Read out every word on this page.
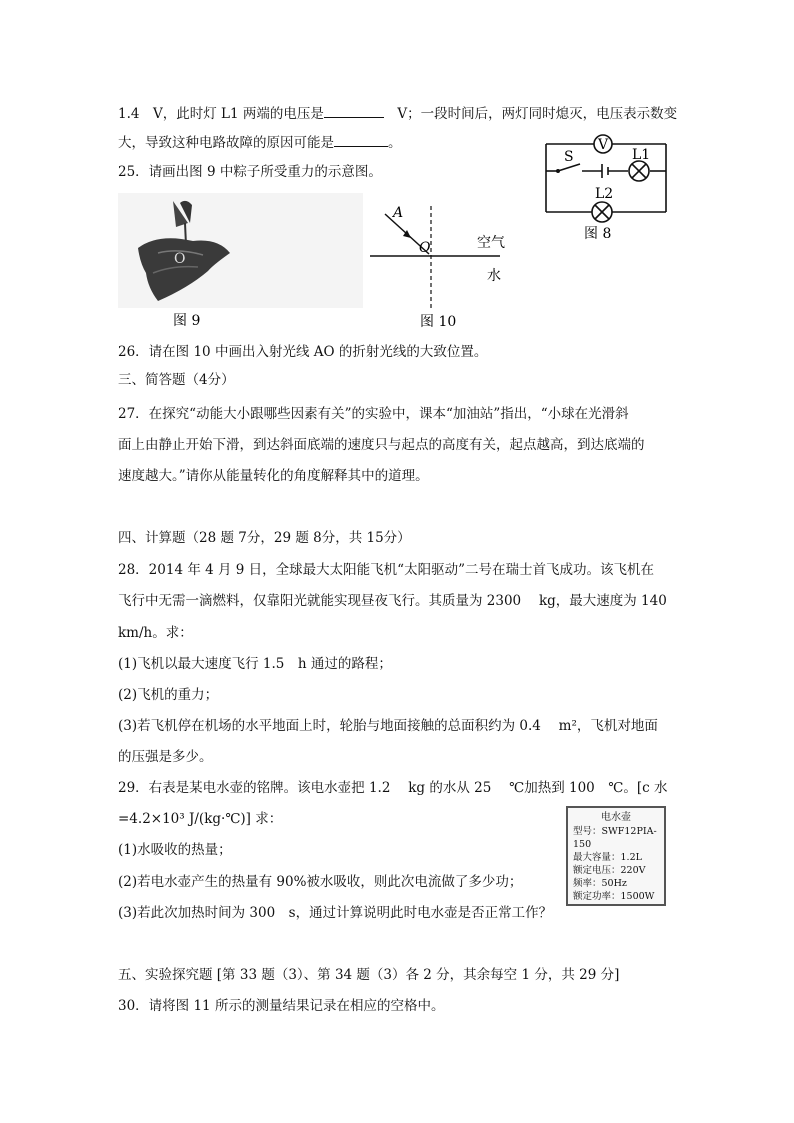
1.4　V，此时灯 L1 两端的电压是	　V；一段时间后，两灯同时熄灭，电压表示数变
大，导致这种电路故障的原因可能是	。
25．请画出图 9 中粽子所受重力的示意图。
26．请在图 10 中画出入射光线 AO 的折射光线的大致位置。
三、简答题（4分）
27．在探究“动能大小跟哪些因素有关”的实验中，课本“加油站”指出，“小球在光滑斜
面上由静止开始下滑，到达斜面底端的速度只与起点的高度有关，起点越高，到达底端的
速度越大。”请你从能量转化的角度解释其中的道理。
四、计算题（28 题 7分，29 题 8分，共 15分）
28．2014 年 4 月 9 日，全球最大太阳能飞机“太阳驱动”二号在瑞士首飞成功。该飞机在
飞行中无需一滴燃料，仅靠阳光就能实现昼夜飞行。其质量为 2300　 kg，最大速度为 140
km/h。求：
(1)飞机以最大速度飞行 1.5　h 通过的路程；
(2)飞机的重力；
(3)若飞机停在机场的水平地面上时，轮胎与地面接触的总面积约为 0.4　 m²，飞机对地面
的压强是多少。
29．右表是某电水壶的铭牌。该电水壶把 1.2　 kg 的水从 25　 ℃加热到 100　℃。[c 水
=4.2×10³ J/(kg·℃)] 求：
(1)水吸收的热量；
(2)若电水壶产生的热量有 90%被水吸收，则此次电流做了多少功；
(3)若此次加热时间为 300　s，通过计算说明此时电水壶是否正常工作？
五、实验探究题 [第 33 题（3）、第 34 题（3）各 2 分，其余每空 1 分，共 29 分]
30．请将图 11 所示的测量结果记录在相应的空格中。
V
S	L1
L2
图 8
O
图 9
A
O	空气
水
图 10
电水壶
型号：SWF12PIA-150
最大容量：1.2L
额定电压：220V
频率：50Hz
额定功率：1500W
